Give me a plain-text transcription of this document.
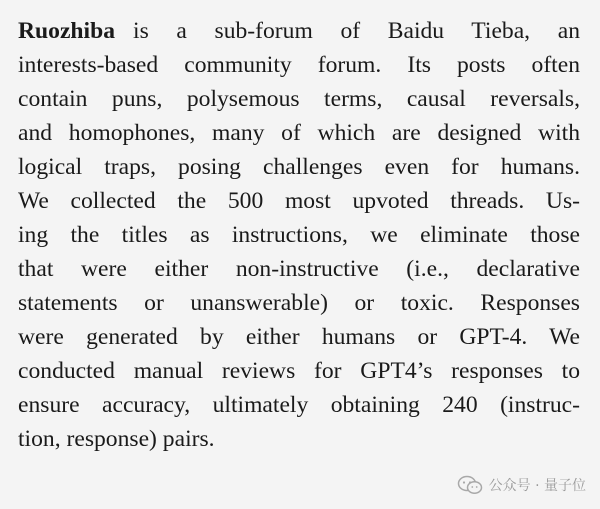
Ruozhiba is a sub-forum of Baidu Tieba, an
interests-based community forum. Its posts often
contain puns, polysemous terms, causal reversals,
and homophones, many of which are designed with
logical traps, posing challenges even for humans.
We collected the 500 most upvoted threads. Us-
ing the titles as instructions, we eliminate those
that were either non-instructive (i.e., declarative
statements or unanswerable) or toxic. Responses
were generated by either humans or GPT-4. We
conducted manual reviews for GPT4’s responses to
ensure accuracy, ultimately obtaining 240 (instruc-
tion, response) pairs.
公众号 · 量子位
